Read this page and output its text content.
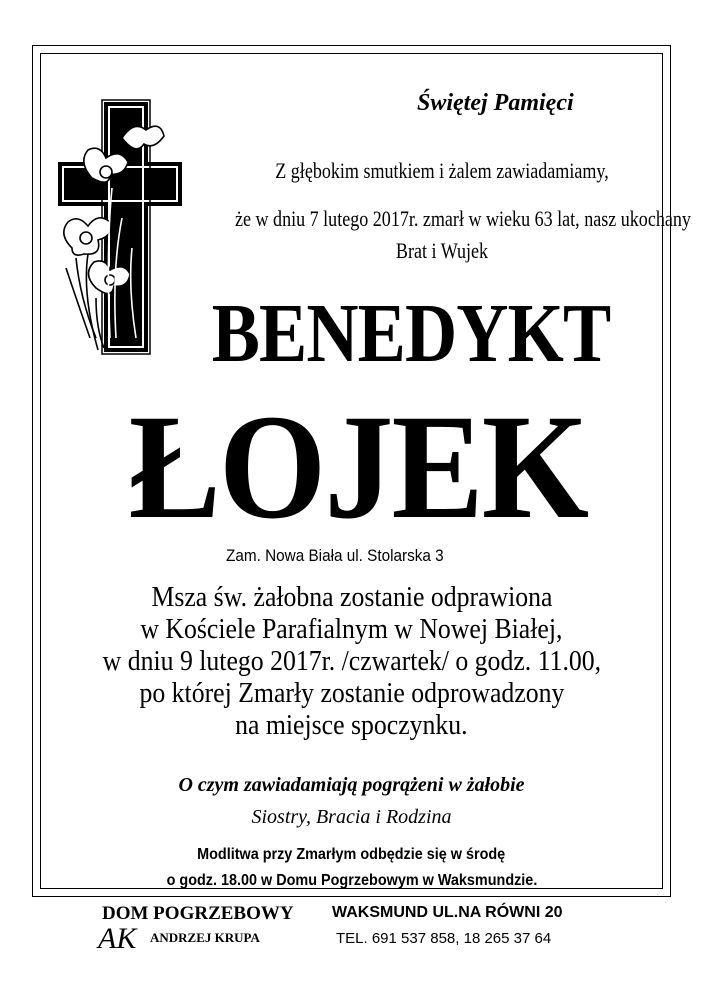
Świętej Pamięci
Z głębokim smutkiem i żalem zawiadamiamy,
że w dniu 7 lutego 2017r. zmarł w wieku 63 lat, nasz ukochany
Brat i Wujek
BENEDYKT
ŁOJEK
Zam. Nowa Biała ul. Stolarska 3
Msza św. żałobna zostanie odprawiona
w Kościele Parafialnym w Nowej Białej,
w dniu 9 lutego 2017r. /czwartek/ o godz. 11.00,
po której Zmarły zostanie odprowadzony
na miejsce spoczynku.
O czym zawiadamiają pogrążeni w żałobie
Siostry, Bracia i Rodzina
Modlitwa przy Zmarłym odbędzie się w środę
o godz. 18.00 w Domu Pogrzebowym w Waksmundzie.
DOM POGRZEBOWY
AK ANDRZEJ KRUPA
WAKSMUND UL.NA RÓWNI 20
TEL. 691 537 858, 18 265 37 64
